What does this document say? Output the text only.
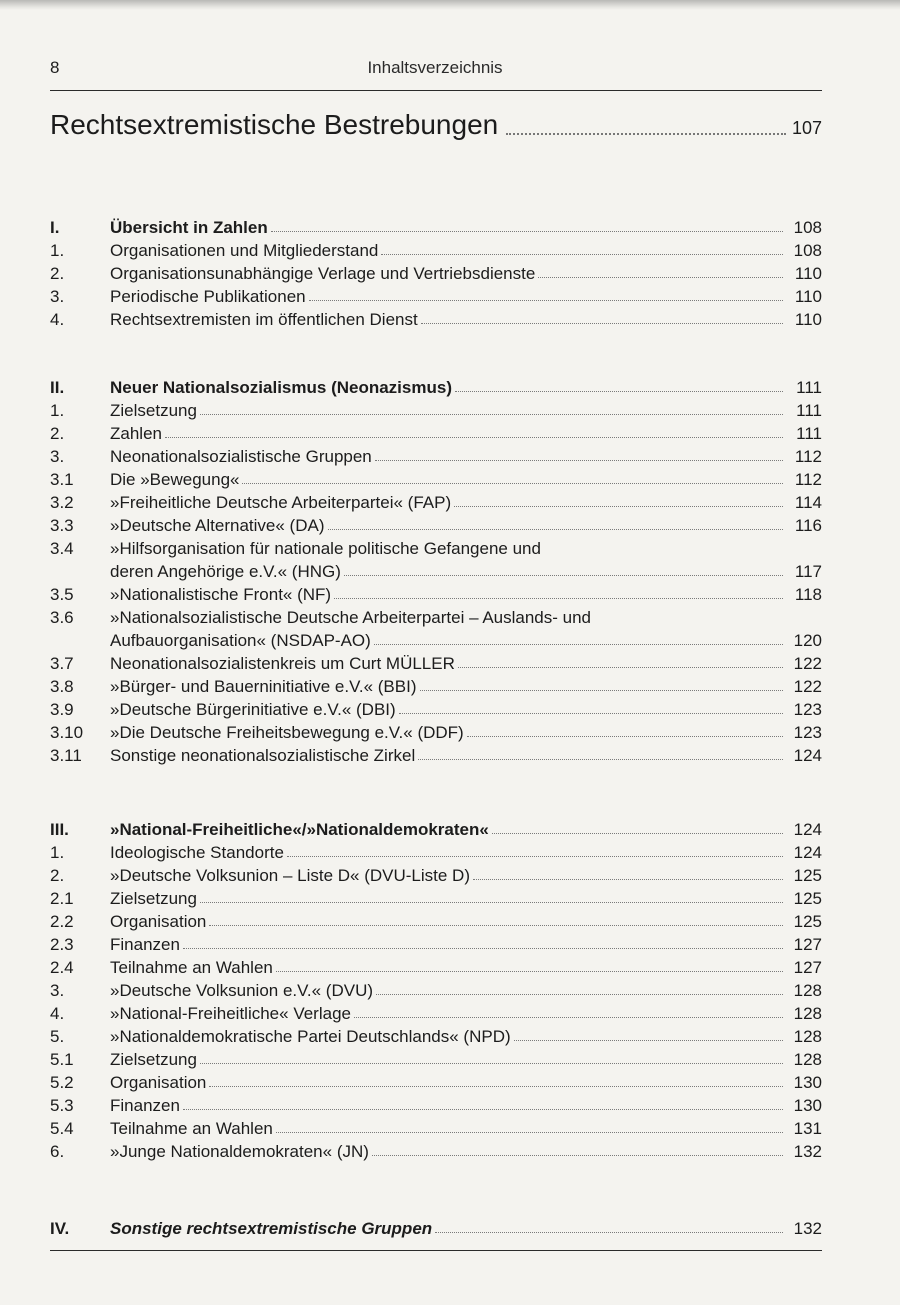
8	Inhaltsverzeichnis
Rechtsextremistische Bestrebungen	107
I.	Übersicht in Zahlen	108
1.	Organisationen und Mitgliederstand	108
2.	Organisationsunabhängige Verlage und Vertriebsdienste	110
3.	Periodische Publikationen	110
4.	Rechtsextremisten im öffentlichen Dienst	110
II.	Neuer Nationalsozialismus (Neonazismus)	111
1.	Zielsetzung	111
2.	Zahlen	111
3.	Neonationalsozialistische Gruppen	112
3.1	Die »Bewegung«	112
3.2	»Freiheitliche Deutsche Arbeiterpartei« (FAP)	114
3.3	»Deutsche Alternative« (DA)	116
3.4	»Hilfsorganisation für nationale politische Gefangene und
deren Angehörige e.V.« (HNG)	117
3.5	»Nationalistische Front« (NF)	118
3.6	»Nationalsozialistische Deutsche Arbeiterpartei – Auslands- und
Aufbauorganisation« (NSDAP-AO)	120
3.7	Neonationalsozialistenkreis um Curt MÜLLER	122
3.8	»Bürger- und Bauerninitiative e.V.« (BBI)	122
3.9	»Deutsche Bürgerinitiative e.V.« (DBI)	123
3.10	»Die Deutsche Freiheitsbewegung e.V.« (DDF)	123
3.11	Sonstige neonationalsozialistische Zirkel	124
III.	»National-Freiheitliche«/»Nationaldemokraten«	124
1.	Ideologische Standorte	124
2.	»Deutsche Volksunion – Liste D« (DVU-Liste D)	125
2.1	Zielsetzung	125
2.2	Organisation	125
2.3	Finanzen	127
2.4	Teilnahme an Wahlen	127
3.	»Deutsche Volksunion e.V.« (DVU)	128
4.	»National-Freiheitliche« Verlage	128
5.	»Nationaldemokratische Partei Deutschlands« (NPD)	128
5.1	Zielsetzung	128
5.2	Organisation	130
5.3	Finanzen	130
5.4	Teilnahme an Wahlen	131
6.	»Junge Nationaldemokraten« (JN)	132
IV.	Sonstige rechtsextremistische Gruppen	132
